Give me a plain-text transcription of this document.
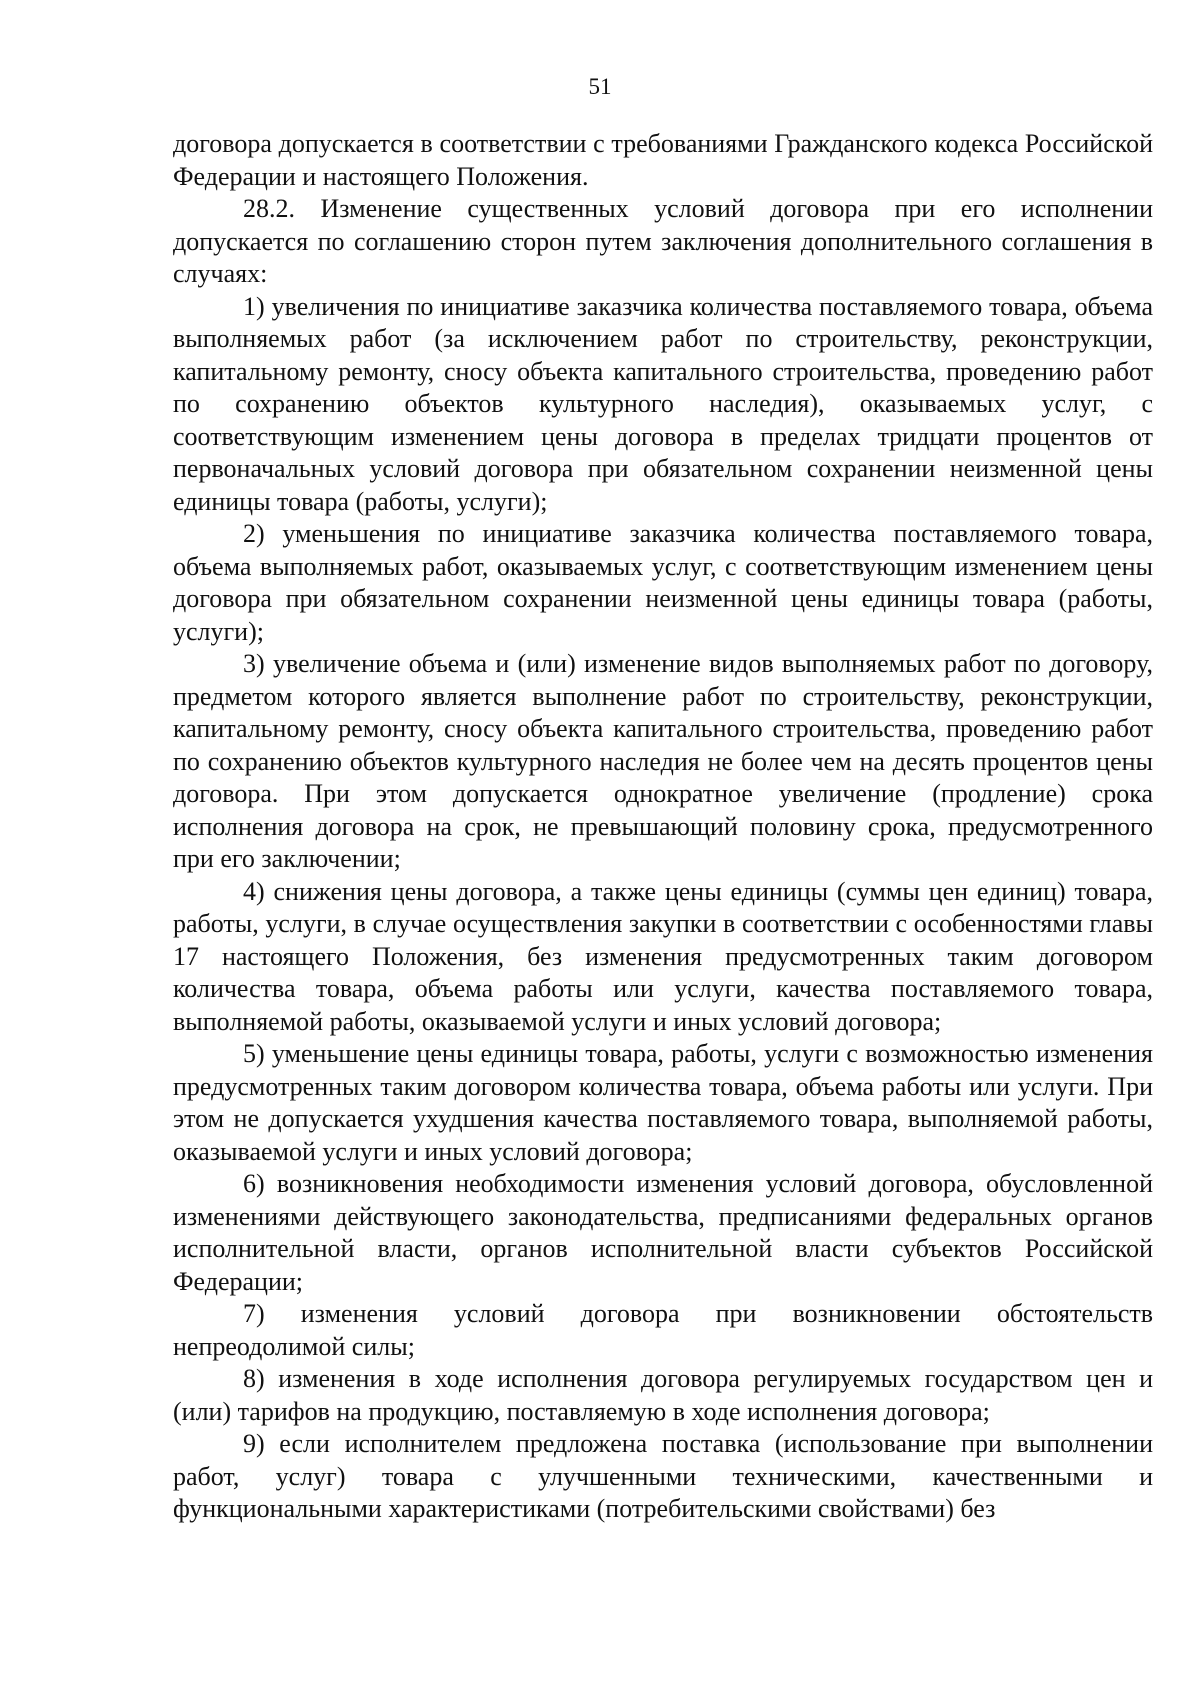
51

договора допускается в соответствии с требованиями Гражданского кодекса Российской Федерации и настоящего Положения.

28.2. Изменение существенных условий договора при его исполнении допускается по соглашению сторон путем заключения дополнительного соглашения в случаях:

1) увеличения по инициативе заказчика количества поставляемого товара, объема выполняемых работ (за исключением работ по строительству, реконструкции, капитальному ремонту, сносу объекта капитального строительства, проведению работ по сохранению объектов культурного наследия), оказываемых услуг, с соответствующим изменением цены договора в пределах тридцати процентов от первоначальных условий договора при обязательном сохранении неизменной цены единицы товара (работы, услуги);

2) уменьшения по инициативе заказчика количества поставляемого товара, объема выполняемых работ, оказываемых услуг, с соответствующим изменением цены договора при обязательном сохранении неизменной цены единицы товара (работы, услуги);

3) увеличение объема и (или) изменение видов выполняемых работ по договору, предметом которого является выполнение работ по строительству, реконструкции, капитальному ремонту, сносу объекта капитального строительства, проведению работ по сохранению объектов культурного наследия не более чем на десять процентов цены договора. При этом допускается однократное увеличение (продление) срока исполнения договора на срок, не превышающий половину срока, предусмотренного при его заключении;

4) снижения цены договора, а также цены единицы (суммы цен единиц) товара, работы, услуги, в случае осуществления закупки в соответствии с особенностями главы 17 настоящего Положения, без изменения предусмотренных таким договором количества товара, объема работы или услуги, качества поставляемого товара, выполняемой работы, оказываемой услуги и иных условий договора;

5) уменьшение цены единицы товара, работы, услуги с возможностью изменения предусмотренных таким договором количества товара, объема работы или услуги. При этом не допускается ухудшения качества поставляемого товара, выполняемой работы, оказываемой услуги и иных условий договора;

6) возникновения необходимости изменения условий договора, обусловленной изменениями действующего законодательства, предписаниями федеральных органов исполнительной власти, органов исполнительной власти субъектов Российской Федерации;

7) изменения условий договора при возникновении обстоятельств непреодолимой силы;

8) изменения в ходе исполнения договора регулируемых государством цен и (или) тарифов на продукцию, поставляемую в ходе исполнения договора;

9) если исполнителем предложена поставка (использование при выполнении работ, услуг) товара с улучшенными техническими, качественными и функциональными характеристиками (потребительскими свойствами) без
